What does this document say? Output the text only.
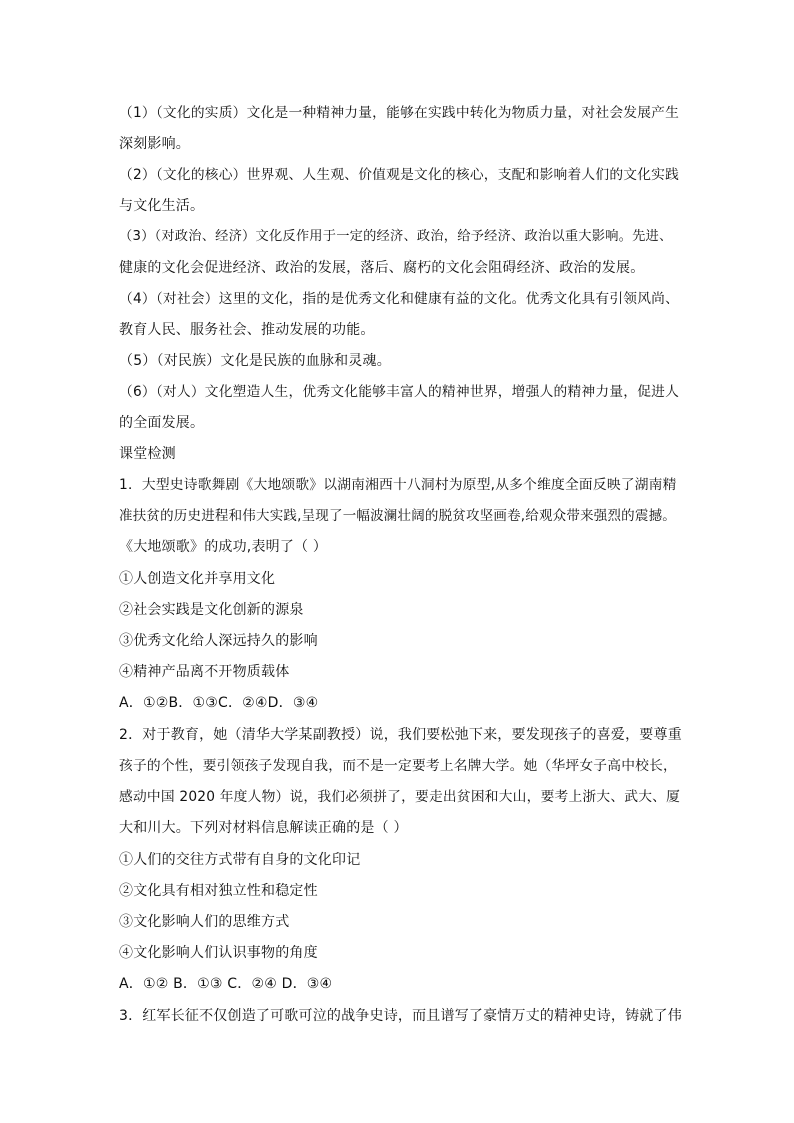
（1）（文化的实质）文化是一种精神力量，能够在实践中转化为物质力量，对社会发展产生
深刻影响。
（2）（文化的核心）世界观、人生观、价值观是文化的核心，支配和影响着人们的文化实践
与文化生活。
（3）（对政治、经济）文化反作用于一定的经济、政治，给予经济、政治以重大影响。先进、
健康的文化会促进经济、政治的发展，落后、腐朽的文化会阻碍经济、政治的发展。
（4）（对社会）这里的文化，指的是优秀文化和健康有益的文化。优秀文化具有引领风尚、
教育人民、服务社会、推动发展的功能。
（5）（对民族）文化是民族的血脉和灵魂。
（6）（对人）文化塑造人生，优秀文化能够丰富人的精神世界，增强人的精神力量，促进人
的全面发展。
课堂检测
1．大型史诗歌舞剧《大地颂歌》以湖南湘西十八洞村为原型,从多个维度全面反映了湖南精
准扶贫的历史进程和伟大实践,呈现了一幅波澜壮阔的脱贫攻坚画卷,给观众带来强烈的震撼。
《大地颂歌》的成功,表明了（ ）
①人创造文化并享用文化
②社会实践是文化创新的源泉
③优秀文化给人深远持久的影响
④精神产品离不开物质载体
A．①②B．①③C．②④D．③④
2．对于教育，她（清华大学某副教授）说，我们要松弛下来，要发现孩子的喜爱，要尊重
孩子的个性，要引领孩子发现自我，而不是一定要考上名牌大学。她（华坪女子高中校长，
感动中国 2020 年度人物）说，我们必须拼了，要走出贫困和大山，要考上浙大、武大、厦
大和川大。下列对材料信息解读正确的是（ ）
①人们的交往方式带有自身的文化印记
②文化具有相对独立性和稳定性
③文化影响人们的思维方式
④文化影响人们认识事物的角度
A．①② B．①③ C．②④ D．③④
3．红军长征不仅创造了可歌可泣的战争史诗，而且谱写了豪情万丈的精神史诗，铸就了伟
